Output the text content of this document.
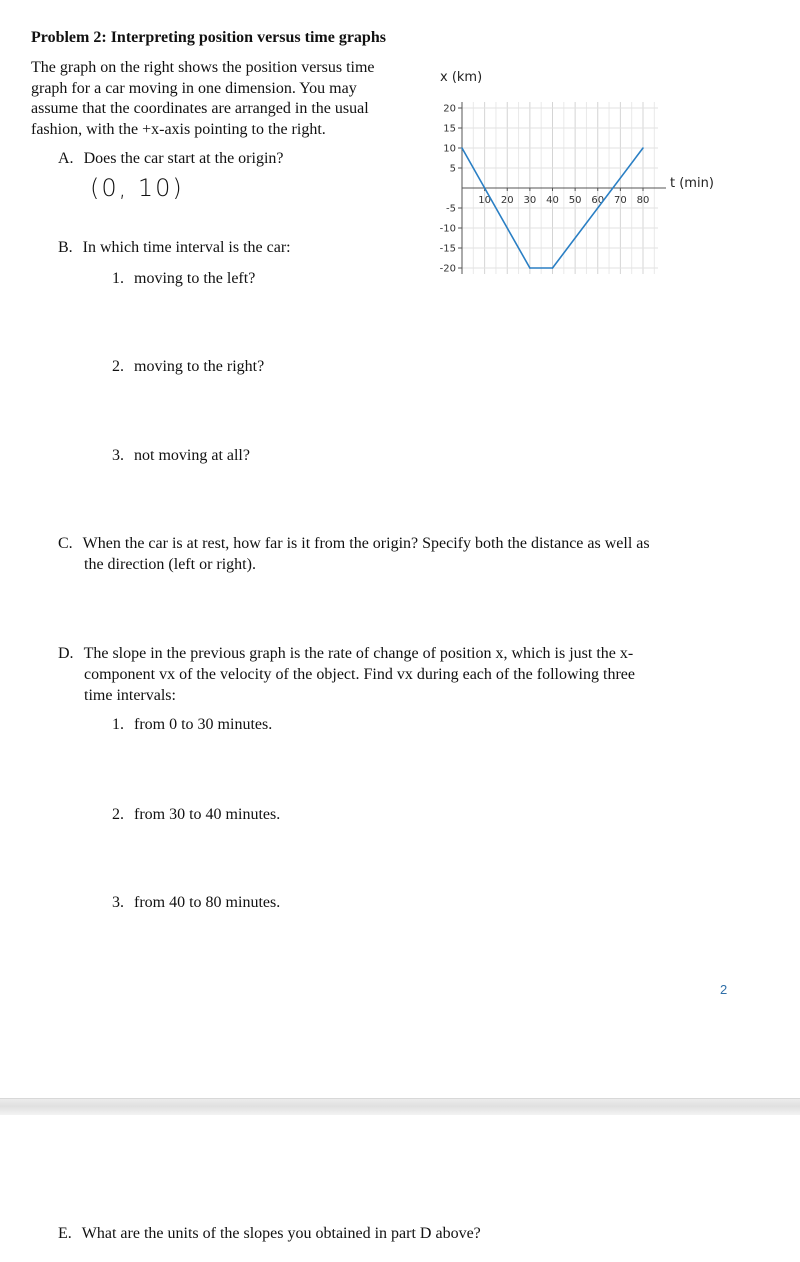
Problem 2: Interpreting position versus time graphs
The graph on the right shows the position versus time
graph for a car moving in one dimension. You may
assume that the coordinates are arranged in the usual
fashion, with the +x-axis pointing to the right.
A. Does the car start at the origin?
(0, 10)
B. In which time interval is the car:
1. moving to the left?
2. moving to the right?
3. not moving at all?
C. When the car is at rest, how far is it from the origin? Specify both the distance as well as
the direction (left or right).
D. The slope in the previous graph is the rate of change of position x, which is just the x-
component vx of the velocity of the object. Find vx during each of the following three
time intervals:
1. from 0 to 30 minutes.
2. from 30 to 40 minutes.
3. from 40 to 80 minutes.
2
E. What are the units of the slopes you obtained in part D above?
20
15
10
5
-5
-10
-15
-20
10 20 30 40 50 60 70 80
x (km)
t (min)
